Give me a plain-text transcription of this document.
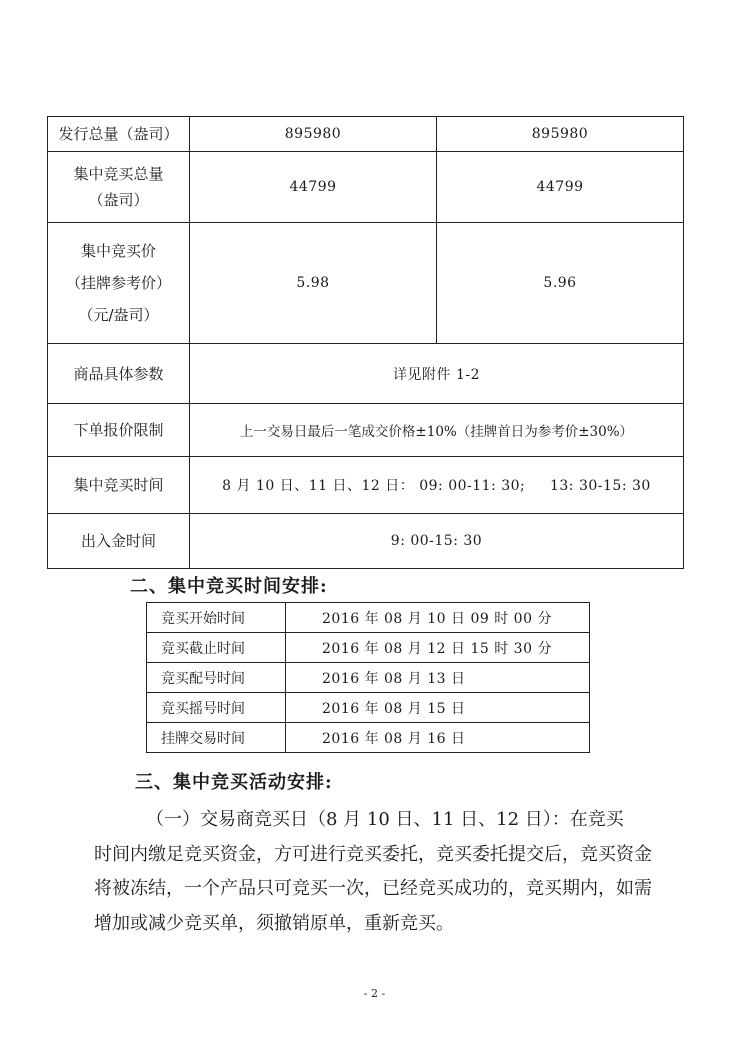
发行总量（盎司）	895980	895980

集中竞买总量
（盎司）	44799	44799

集中竞买价
（挂牌参考价）
（元/盎司）	5.98	5.96

商品具体参数	详见附件 1-2	

下单报价限制	上一交易日最后一笔成交价格±10%（挂牌首日为参考价±30%）	

集中竞买时间	8 月 10 日、11 日、12 日： 09: 00-11: 30;     13: 30-15: 30	

出入金时间	9: 00-15: 30	
二、集中竞买时间安排:
竞买开始时间	2016 年 08 月 10 日 09 时 00 分
竞买截止时间	2016 年 08 月 12 日 15 时 30 分
竞买配号时间	2016 年 08 月 13 日
竞买摇号时间	2016 年 08 月 15 日
挂牌交易时间	2016 年 08 月 16 日
三、集中竞买活动安排:
（一）交易商竞买日（8 月 10 日、11 日、12 日）：在竞买
时间内缴足竞买资金，方可进行竞买委托，竞买委托提交后，竞买资金将被冻结，一个产品只可竞买一次，已经竞买成功的，竞买期内，如需增加或减少竞买单，须撤销原单，重新竞买。
- 2 -
